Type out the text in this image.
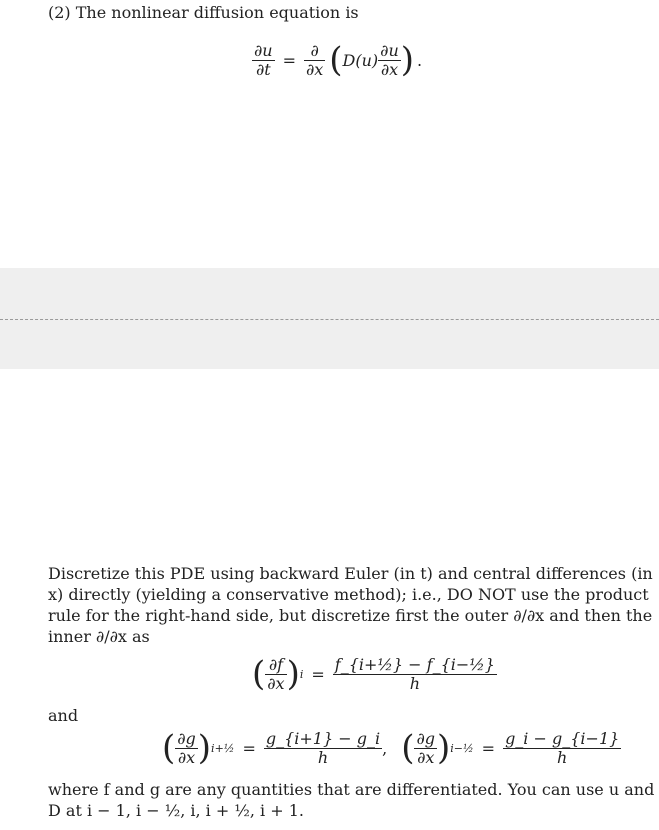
(2) The nonlinear diffusion equation is
$\frac{\partial u}{\partial t} = \frac{\partial}{\partial x}$ ( $D(u) \frac{\partial u}{\partial x}$ ) .
Discretize this PDE using backward Euler (in t) and central differences (in
x) directly (yielding a conservative method); i.e., DO NOT use the product
rule for the right-hand side, but discretize first the outer ∂/∂x and then the
inner ∂/∂x as
( $\frac{\partial f}{\partial x}$ ) $i = \frac{\text{f\_\{i+½\} − f\_\{i−½\}}}{h}$
and
( $\frac{\partial g}{\partial x}$ ) i+½ = $\frac{g\_\{i+1\} - g\_i}{h}$ , ( $\frac{\partial g}{\partial x}$ ) i−½ = $\frac{g\_i - g\_\{i-1\}}{h}$
where f and g are any quantities that are differentiated. You can use u and
D at i − 1, i − ½, i, i + ½, i + 1.
